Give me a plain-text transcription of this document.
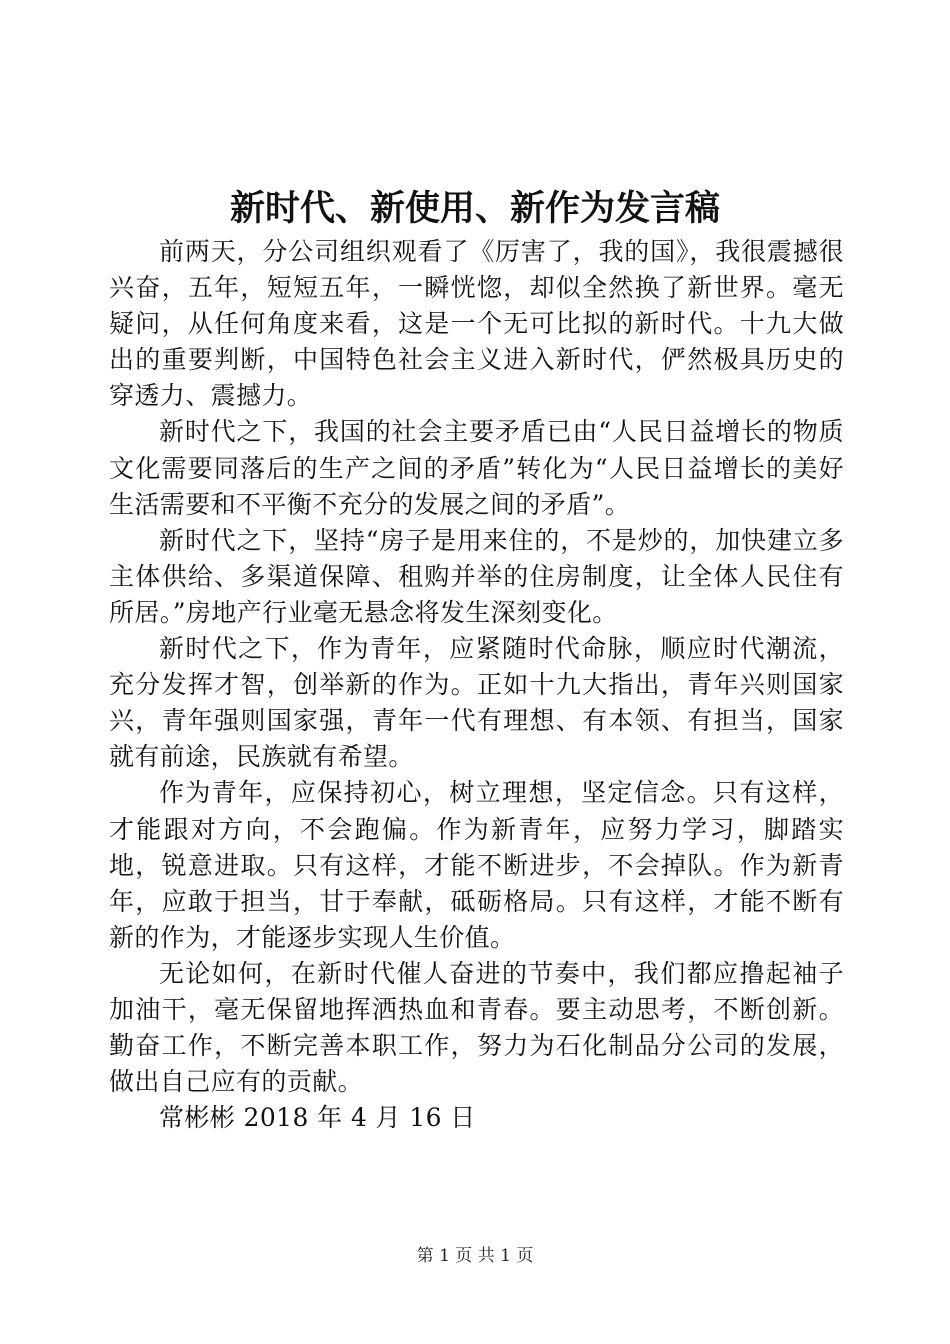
新时代、新使用、新作为发言稿

前两天，分公司组织观看了《厉害了，我的国》，我很震撼很兴奋，五年，短短五年，一瞬恍惚，却似全然换了新世界。毫无疑问，从任何角度来看，这是一个无可比拟的新时代。十九大做出的重要判断，中国特色社会主义进入新时代，俨然极具历史的穿透力、震撼力。

新时代之下，我国的社会主要矛盾已由“人民日益增长的物质文化需要同落后的生产之间的矛盾”转化为“人民日益增长的美好生活需要和不平衡不充分的发展之间的矛盾”。

新时代之下，坚持“房子是用来住的，不是炒的，加快建立多主体供给、多渠道保障、租购并举的住房制度，让全体人民住有所居。”房地产行业毫无悬念将发生深刻变化。

新时代之下，作为青年，应紧随时代命脉，顺应时代潮流，充分发挥才智，创举新的作为。正如十九大指出，青年兴则国家兴，青年强则国家强，青年一代有理想、有本领、有担当，国家就有前途，民族就有希望。

作为青年，应保持初心，树立理想，坚定信念。只有这样，才能跟对方向，不会跑偏。作为新青年，应努力学习，脚踏实地，锐意进取。只有这样，才能不断进步，不会掉队。作为新青年，应敢于担当，甘于奉献，砥砺格局。只有这样，才能不断有新的作为，才能逐步实现人生价值。

无论如何，在新时代催人奋进的节奏中，我们都应撸起袖子加油干，毫无保留地挥洒热血和青春。要主动思考，不断创新。勤奋工作，不断完善本职工作，努力为石化制品分公司的发展，做出自己应有的贡献。

常彬彬 2018 年 4 月 16 日

第 1 页 共 1 页
